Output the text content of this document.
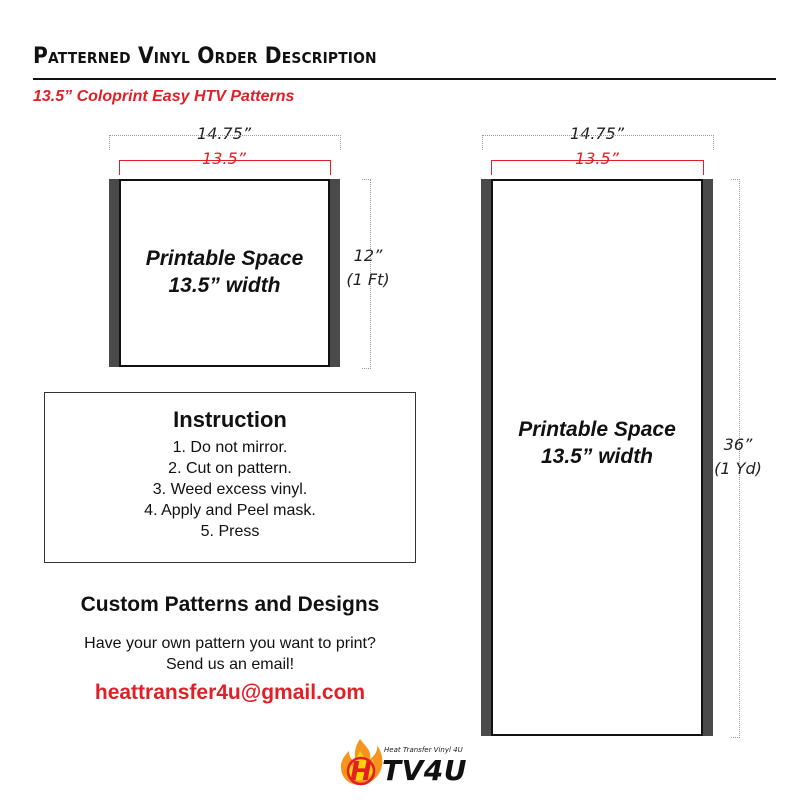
Patterned Vinyl Order Description
13.5” Coloprint Easy HTV Patterns
14.75”
13.5”
Printable Space
13.5” width
12”
(1 Ft)
14.75”
13.5”
Printable Space
13.5” width
36”
(1 Yd)
Instruction
1. Do not mirror.
2. Cut on pattern.
3. Weed excess vinyl.
4. Apply and Peel mask.
5. Press
Custom Patterns and Designs
Have your own pattern you want to print?
Send us an email!
heattransfer4u@gmail.com
H
Heat Transfer Vinyl 4U
TV4U
